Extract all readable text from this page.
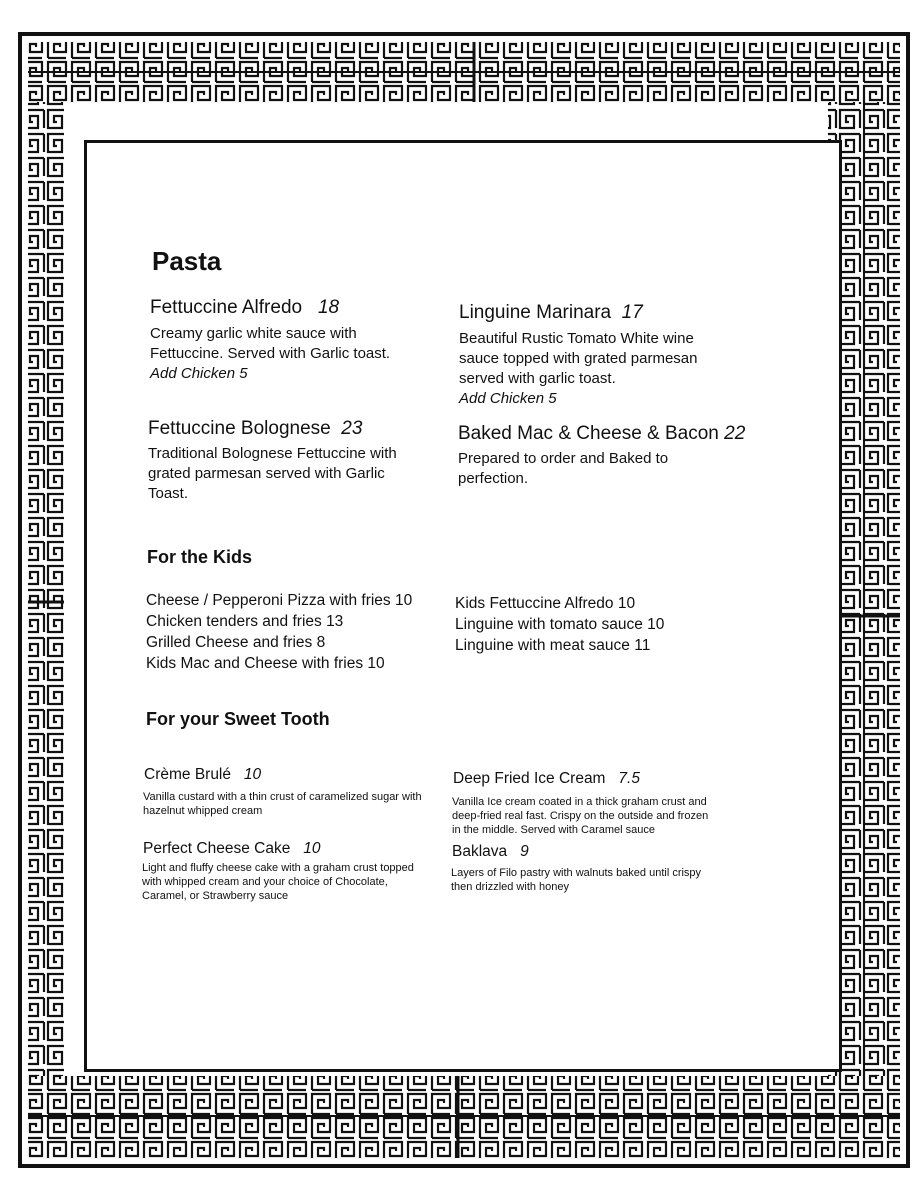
Pasta
Fettuccine Alfredo 18
Creamy garlic white sauce with
Fettuccine. Served with Garlic toast.
Add Chicken 5
Linguine Marinara 17
Beautiful Rustic Tomato White wine
sauce topped with grated parmesan
served with garlic toast.
Add Chicken 5
Fettuccine Bolognese 23
Traditional Bolognese Fettuccine with
grated parmesan served with Garlic
Toast.
Baked Mac & Cheese & Bacon 22
Prepared to order and Baked to
perfection.
For the Kids
Cheese / Pepperoni Pizza with fries 10
Chicken tenders and fries 13
Grilled Cheese and fries 8
Kids Mac and Cheese with fries 10
Kids Fettuccine Alfredo 10
Linguine with tomato sauce 10
Linguine with meat sauce 11
For your Sweet Tooth
Crème Brulé 10
Vanilla custard with a thin crust of caramelized sugar with
hazelnut whipped cream
Deep Fried Ice Cream 7.5
Vanilla Ice cream coated in a thick graham crust and
deep-fried real fast. Crispy on the outside and frozen
in the middle. Served with Caramel sauce
Perfect Cheese Cake 10
Light and fluffy cheese cake with a graham crust topped
with whipped cream and your choice of Chocolate,
Caramel, or Strawberry sauce
Baklava 9
Layers of Filo pastry with walnuts baked until crispy
then drizzled with honey
